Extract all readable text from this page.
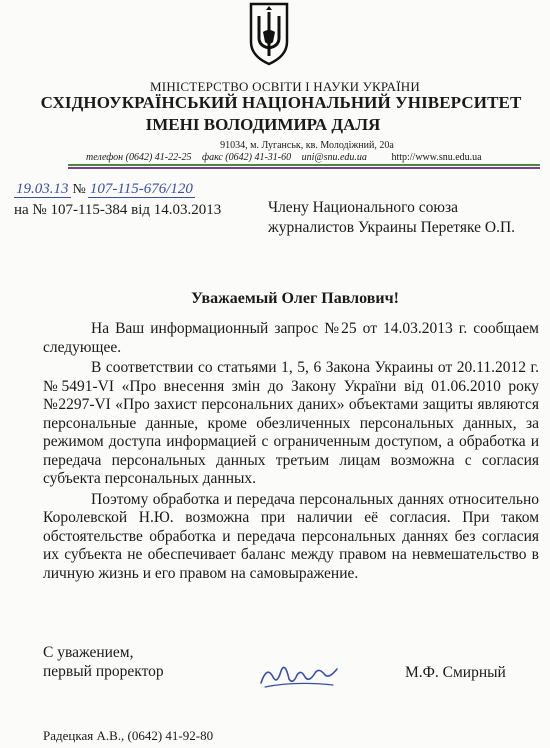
МІНІСТЕРСТВО ОСВІТИ І НАУКИ УКРАЇНИ
СХІДНОУКРАЇНСЬКИЙ НАЦІОНАЛЬНИЙ УНІВЕРСИТЕТ
ІМЕНІ ВОЛОДИМИРА ДАЛЯ
91034, м. Луганськ, кв. Молодіжний, 20а
телефон (0642) 41-22-25 факс (0642) 41-31-60 uni@snu.edu.ua http://www.snu.edu.ua
19.03.13 № 107-115-676/120
на № 107-115-384 від 14.03.2013	Члену Национального союза
журналистов Украины Перетяке О.П.
Уважаемый Олег Павлович!

На Ваш информационный запрос №25 от 14.03.2013 г. сообщаем следующее.

В соответствии со статьями 1, 5, 6 Закона Украины от 20.11.2012 г. №5491-VI «Про внесення змін до Закону України від 01.06.2010 року №2297-VI «Про захист персональних даних» объектами защиты являются персональные данные, кроме обезличенных персональных данных, за режимом доступа информацией с ограниченным доступом, а обработка и передача персональных данных третьим лицам возможна с согласия субъекта персональных данных.

Поэтому обработка и передача персональных даннях относительно Королевской Н.Ю. возможна при наличии её согласия. При таком обстоятельстве обработка и передача персональных даннях без согласия их субъекта не обеспечивает баланс между правом на невмешательство в личную жизнь и его правом на самовыражение.

С уважением,
первый проректор	М.Ф. Смирный
Радецкая А.В., (0642) 41-92-80
